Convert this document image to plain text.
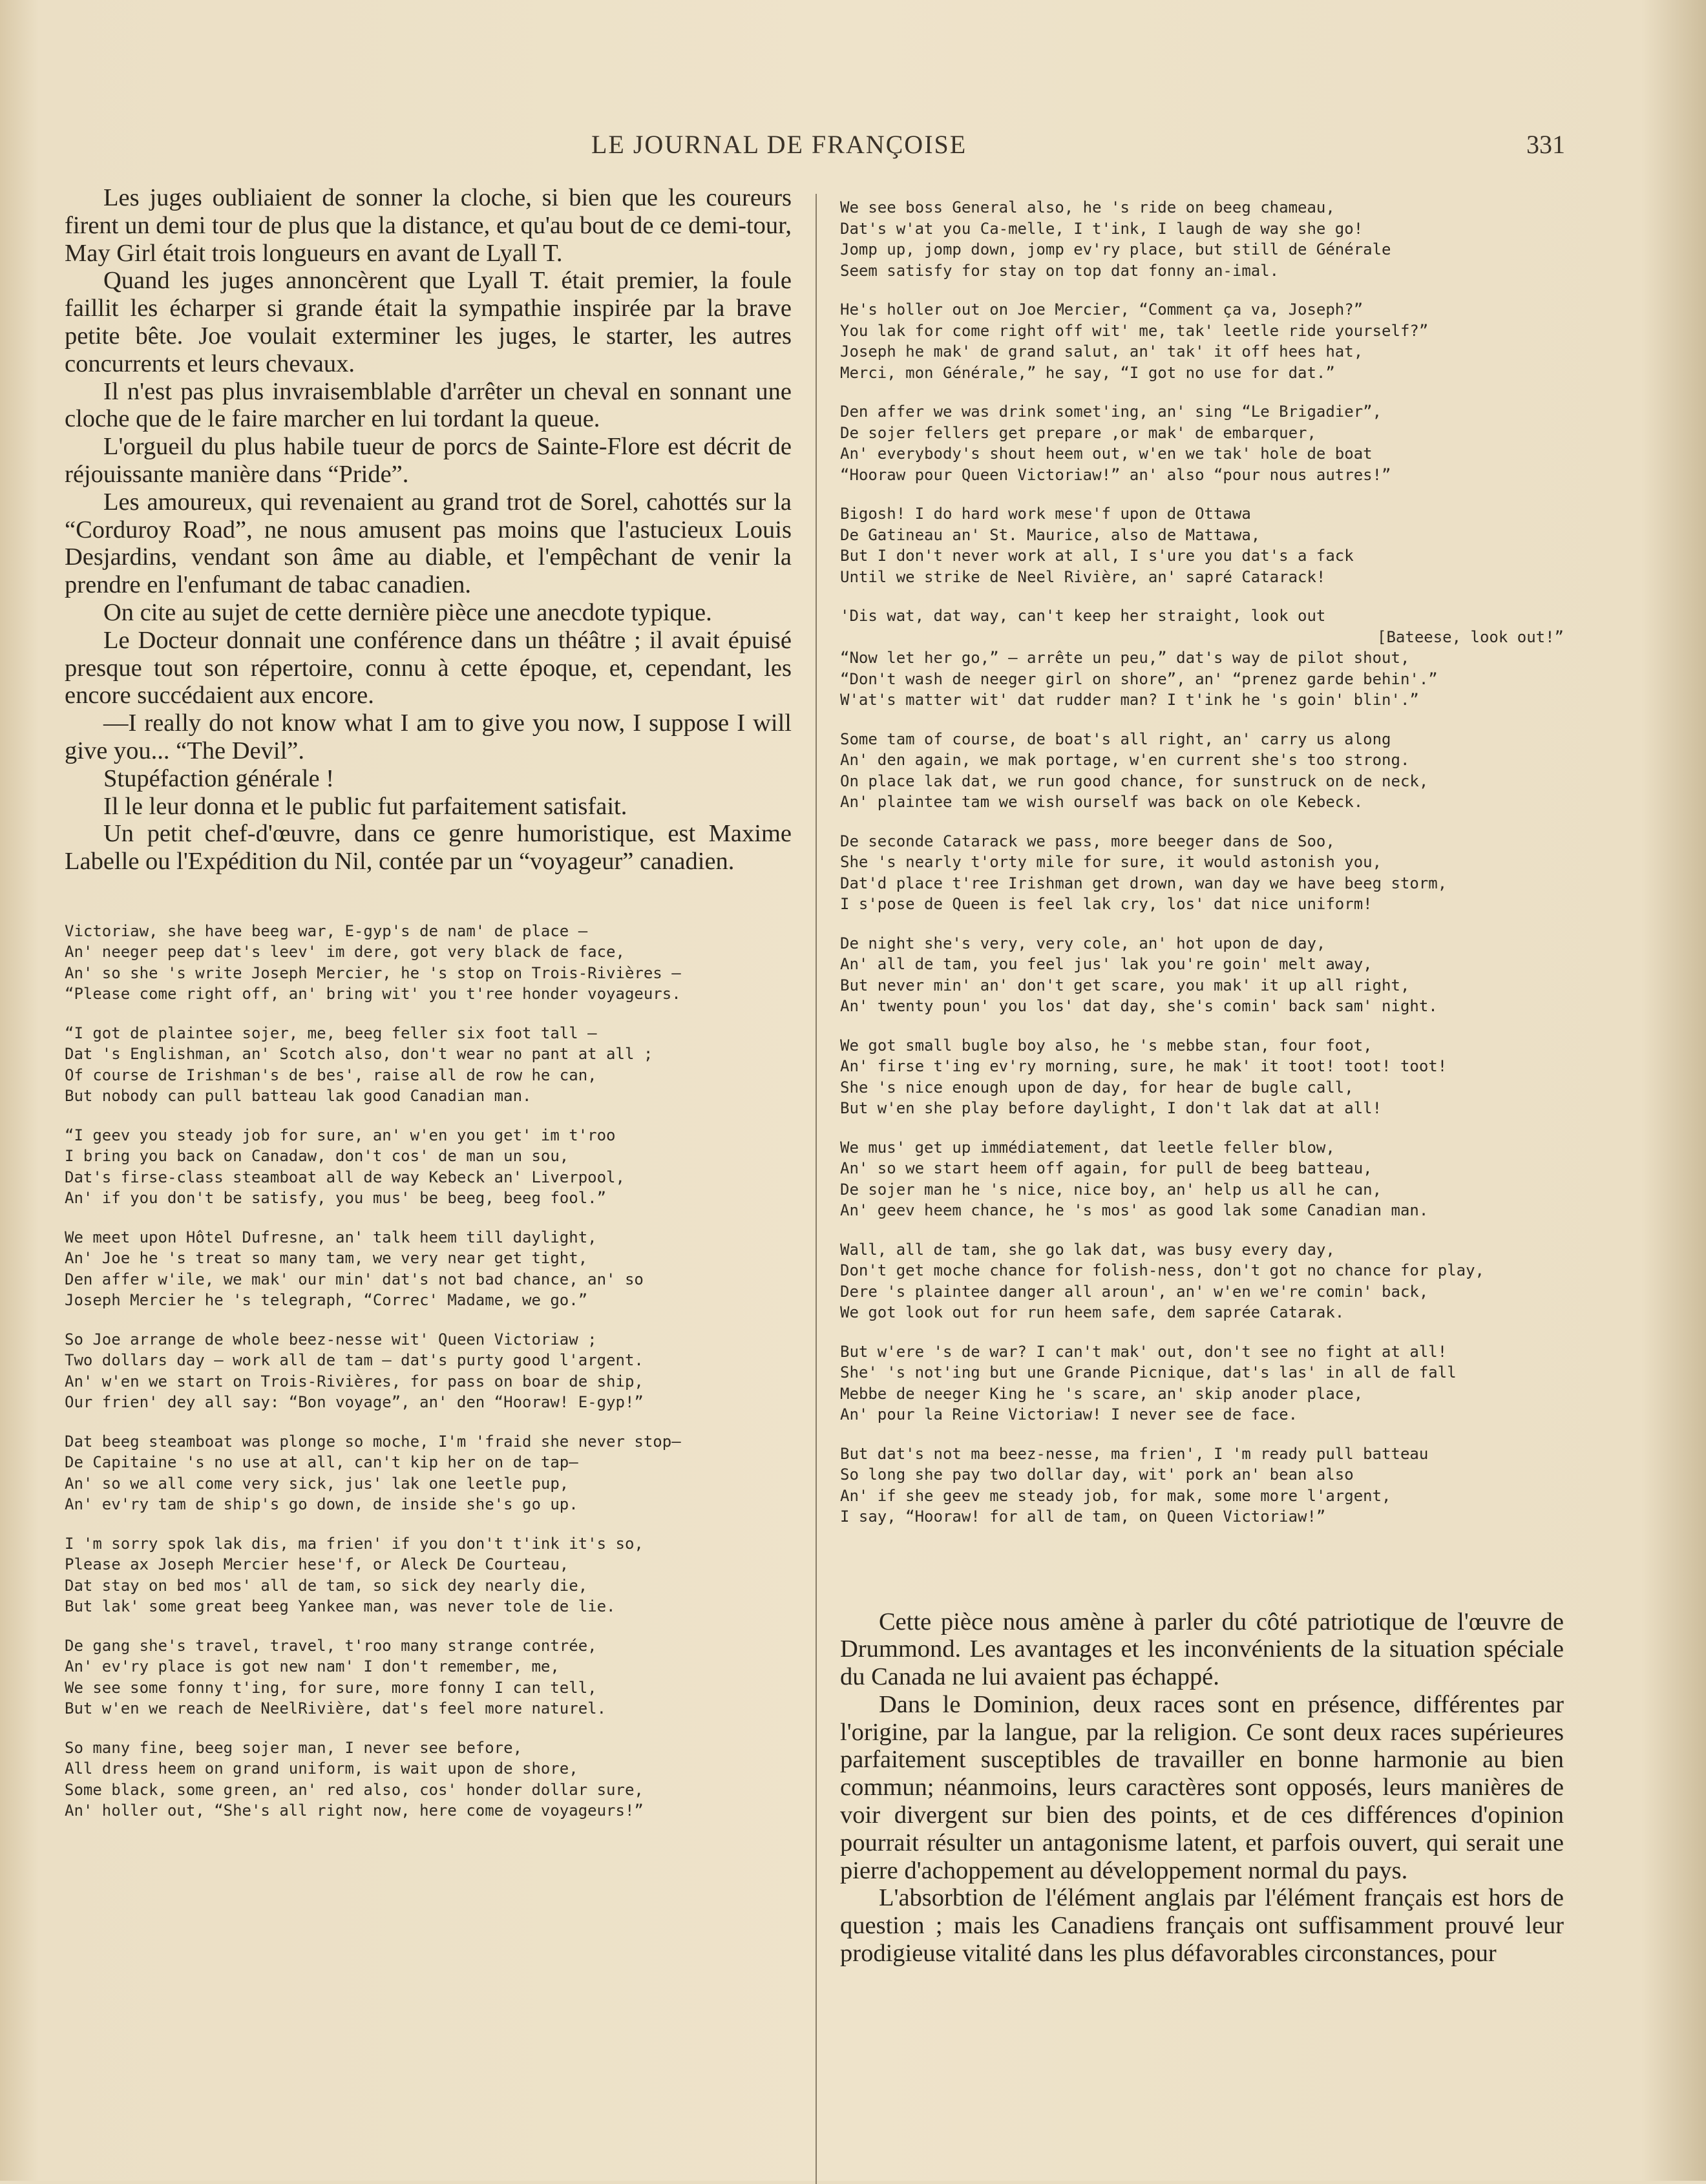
LE JOURNAL DE FRANÇOISE	331

Les juges oubliaient de sonner la cloche, si bien que les coureurs firent un demi tour de plus que la distance, et qu'au bout de ce demi-tour, May Girl était trois longueurs en avant de Lyall T.

Quand les juges annoncèrent que Lyall T. était premier, la foule faillit les écharper si grande était la sympathie inspirée par la brave petite bête. Joe voulait exterminer les juges, le starter, les autres concurrents et leurs chevaux.

Il n'est pas plus invraisemblable d'arrêter un cheval en sonnant une cloche que de le faire marcher en lui tordant la queue.

L'orgueil du plus habile tueur de porcs de Sainte-Flore est décrit de réjouissante manière dans “Pride”.

Les amoureux, qui revenaient au grand trot de Sorel, cahottés sur la “Corduroy Road”, ne nous amusent pas moins que l'astucieux Louis Desjardins, vendant son âme au diable, et l'empêchant de venir la prendre en l'enfumant de tabac canadien.

On cite au sujet de cette dernière pièce une anecdote typique.

Le Docteur donnait une conférence dans un théâtre ; il avait épuisé presque tout son répertoire, connu à cette époque, et, cependant, les encore succédaient aux encore.

—I really do not know what I am to give you now, I suppose I will give you... “The Devil”.

Stupéfaction générale !

Il le leur donna et le public fut parfaitement satisfait.

Un petit chef-d'œuvre, dans ce genre humoristique, est Maxime Labelle ou l'Expédition du Nil, contée par un “voyageur” canadien.

Victoriaw, she have beeg war, E-gyp's de nam' de place —
An' neeger peep dat's leev' im dere, got very black de face,
An' so she 's write Joseph Mercier, he 's stop on Trois-Rivières —
“Please come right off, an' bring wit' you t'ree honder voyageurs.
“I got de plaintee sojer, me, beeg feller six foot tall —
Dat 's Englishman, an' Scotch also, don't wear no pant at all ;
Of course de Irishman's de bes', raise all de row he can,
But nobody can pull batteau lak good Canadian man.
“I geev you steady job for sure, an' w'en you get' im t'roo
I bring you back on Canadaw, don't cos' de man un sou,
Dat's firse-class steamboat all de way Kebeck an' Liverpool,
An' if you don't be satisfy, you mus' be beeg, beeg fool.”
We meet upon Hôtel Dufresne, an' talk heem till daylight,
An' Joe he 's treat so many tam, we very near get tight,
Den affer w'ile, we mak' our min' dat's not bad chance, an' so
Joseph Mercier he 's telegraph, “Correc' Madame, we go.”
So Joe arrange de whole beez-nesse wit' Queen Victoriaw ;
Two dollars day — work all de tam — dat's purty good l'argent.
An' w'en we start on Trois-Rivières, for pass on boar de ship,
Our frien' dey all say: “Bon voyage”, an' den “Hooraw! E-gyp!”
Dat beeg steamboat was plonge so moche, I'm 'fraid she never stop—
De Capitaine 's no use at all, can't kip her on de tap—
An' so we all come very sick, jus' lak one leetle pup,
An' ev'ry tam de ship's go down, de inside she's go up.
I 'm sorry spok lak dis, ma frien' if you don't t'ink it's so,
Please ax Joseph Mercier hese'f, or Aleck De Courteau,
Dat stay on bed mos' all de tam, so sick dey nearly die,
But lak' some great beeg Yankee man, was never tole de lie.
De gang she's travel, travel, t'roo many strange contrée,
An' ev'ry place is got new nam' I don't remember, me,
We see some fonny t'ing, for sure, more fonny I can tell,
But w'en we reach de NeelRivière, dat's feel more naturel.
So many fine, beeg sojer man, I never see before,
All dress heem on grand uniform, is wait upon de shore,
Some black, some green, an' red also, cos' honder dollar sure,
An' holler out, “She's all right now, here come de voyageurs!”
We see boss General also, he 's ride on beeg chameau,
Dat's w'at you Ca-melle, I t'ink, I laugh de way she go!
Jomp up, jomp down, jomp ev'ry place, but still de Générale
Seem satisfy for stay on top dat fonny an-imal.
He's holler out on Joe Mercier, “Comment ça va, Joseph?”
You lak for come right off wit' me, tak' leetle ride yourself?”
Joseph he mak' de grand salut, an' tak' it off hees hat,
Merci, mon Générale,” he say, “I got no use for dat.”
Den affer we was drink somet'ing, an' sing “Le Brigadier”,
De sojer fellers get prepare ,or mak' de embarquer,
An' everybody's shout heem out, w'en we tak' hole de boat
“Hooraw pour Queen Victoriaw!” an' also “pour nous autres!”
Bigosh! I do hard work mese'f upon de Ottawa
De Gatineau an' St. Maurice, also de Mattawa,
But I don't never work at all, I s'ure you dat's a fack
Until we strike de Neel Rivière, an' sapré Catarack!
'Dis wat, dat way, can't keep her straight, look out
[Bateese, look out!”
“Now let her go,” — arrête un peu,” dat's way de pilot shout,
“Don't wash de neeger girl on shore”, an' “prenez garde behin'.”
W'at's matter wit' dat rudder man? I t'ink he 's goin' blin'.”
Some tam of course, de boat's all right, an' carry us along
An' den again, we mak portage, w'en current she's too strong.
On place lak dat, we run good chance, for sunstruck on de neck,
An' plaintee tam we wish ourself was back on ole Kebeck.
De seconde Catarack we pass, more beeger dans de Soo,
She 's nearly t'orty mile for sure, it would astonish you,
Dat'd place t'ree Irishman get drown, wan day we have beeg storm,
I s'pose de Queen is feel lak cry, los' dat nice uniform!
De night she's very, very cole, an' hot upon de day,
An' all de tam, you feel jus' lak you're goin' melt away,
But never min' an' don't get scare, you mak' it up all right,
An' twenty poun' you los' dat day, she's comin' back sam' night.
We got small bugle boy also, he 's mebbe stan, four foot,
An' firse t'ing ev'ry morning, sure, he mak' it toot! toot! toot!
She 's nice enough upon de day, for hear de bugle call,
But w'en she play before daylight, I don't lak dat at all!
We mus' get up immédiatement, dat leetle feller blow,
An' so we start heem off again, for pull de beeg batteau,
De sojer man he 's nice, nice boy, an' help us all he can,
An' geev heem chance, he 's mos' as good lak some Canadian man.
Wall, all de tam, she go lak dat, was busy every day,
Don't get moche chance for folish-ness, don't got no chance for play,
Dere 's plaintee danger all aroun', an' w'en we're comin' back,
We got look out for run heem safe, dem saprée Catarak.
But w'ere 's de war? I can't mak' out, don't see no fight at all!
She' 's not'ing but une Grande Picnique, dat's las' in all de fall
Mebbe de neeger King he 's scare, an' skip anoder place,
An' pour la Reine Victoriaw! I never see de face.
But dat's not ma beez-nesse, ma frien', I 'm ready pull batteau
So long she pay two dollar day, wit' pork an' bean also
An' if she geev me steady job, for mak, some more l'argent,
I say, “Hooraw! for all de tam, on Queen Victoriaw!”

Cette pièce nous amène à parler du côté patriotique de l'œuvre de Drummond. Les avantages et les inconvénients de la situation spéciale du Canada ne lui avaient pas échappé.

Dans le Dominion, deux races sont en présence, différentes par l'origine, par la langue, par la religion. Ce sont deux races supérieures parfaitement susceptibles de travailler en bonne harmonie au bien commun; néanmoins, leurs caractères sont opposés, leurs manières de voir divergent sur bien des points, et de ces différences d'opinion pourrait résulter un antagonisme latent, et parfois ouvert, qui serait une pierre d'achoppement au développement normal du pays.

L'absorbtion de l'élément anglais par l'élément français est hors de question ; mais les Canadiens français ont suffisamment prouvé leur prodigieuse vitalité dans les plus défavorables circonstances, pour
